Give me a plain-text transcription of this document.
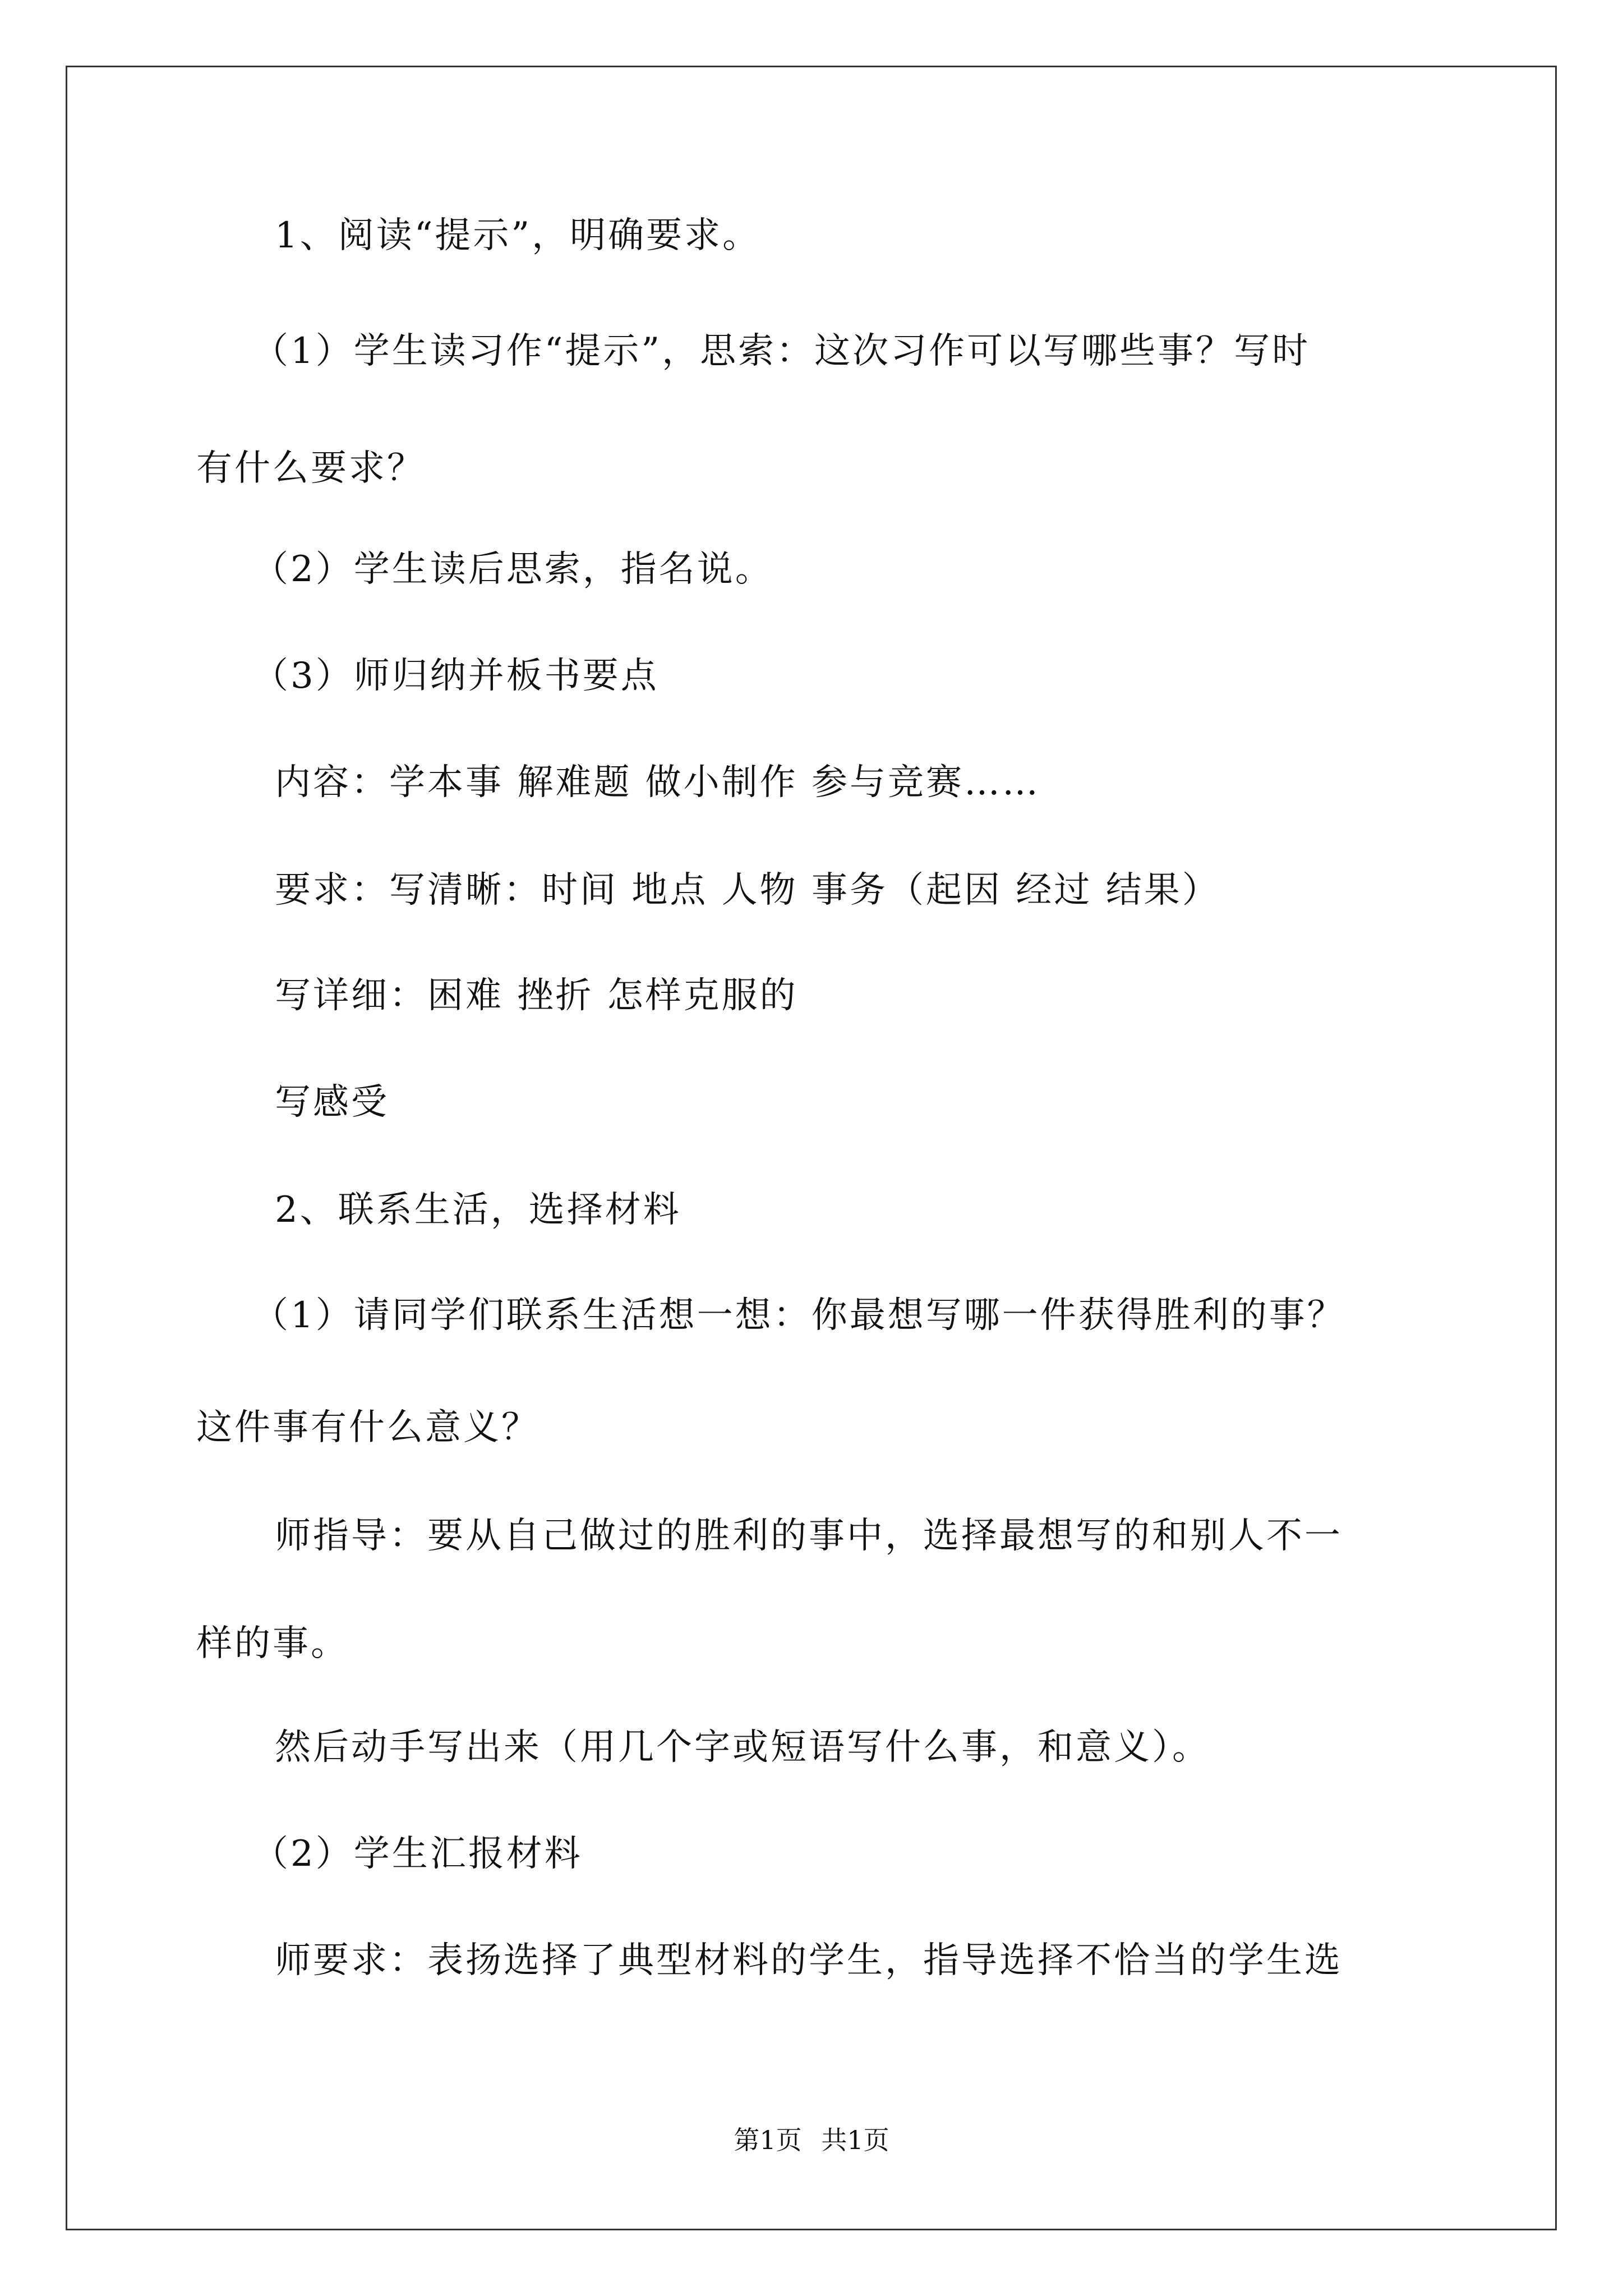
1、阅读“提示”，明确要求。
（1）学生读习作“提示”，思索：这次习作可以写哪些事？写时
有什么要求？
（2）学生读后思索，指名说。
（3）师归纳并板书要点
内容：学本事 解难题 做小制作 参与竞赛……
要求：写清晰：时间 地点 人物 事务（起因 经过 结果）
写详细：困难 挫折 怎样克服的
写感受
2、联系生活，选择材料
（1）请同学们联系生活想一想：你最想写哪一件获得胜利的事？
这件事有什么意义？
师指导：要从自己做过的胜利的事中，选择最想写的和别人不一
样的事。
然后动手写出来（用几个字或短语写什么事，和意义）。
（2）学生汇报材料
师要求：表扬选择了典型材料的学生，指导选择不恰当的学生选
第1页 共1页
